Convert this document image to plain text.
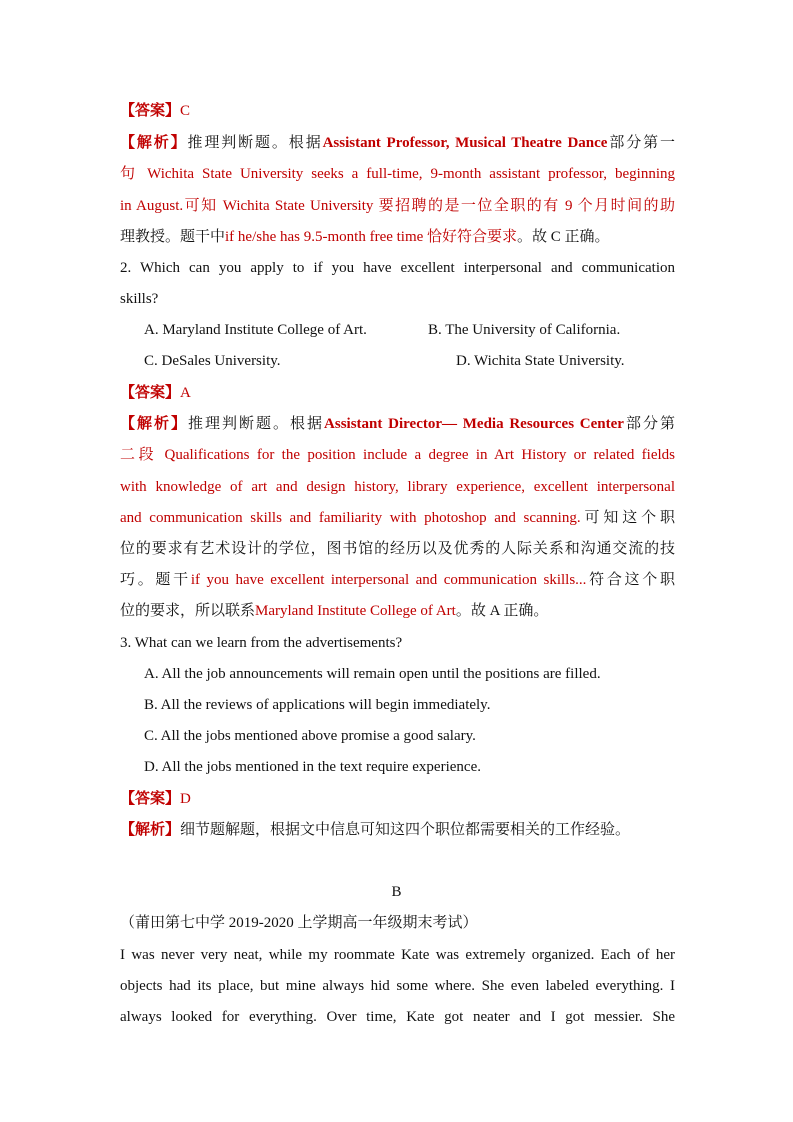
【答案】C
【解析】推理判断题。根据Assistant Professor, Musical Theatre Dance部分第一
句 Wichita State University seeks a full-time, 9-month assistant professor, beginning
in August.可知 Wichita State University 要招聘的是一位全职的有 9 个月时间的助
理教授。题干中if he/she has 9.5-month free time 恰好符合要求。故 C 正确。
2. Which can you apply to if you have excellent interpersonal and communication
skills?
A. Maryland Institute College of Art.	B. The University of California.
C. DeSales University.	D. Wichita State University.
【答案】A
【解析】推理判断题。根据Assistant Director— Media Resources Center部分第
二段 Qualifications for the position include a degree in Art History or related fields
with knowledge of art and design history, library experience, excellent interpersonal
and communication skills and familiarity with photoshop and scanning.可知这个职
位的要求有艺术设计的学位，图书馆的经历以及优秀的人际关系和沟通交流的技
巧。题干if you have excellent interpersonal and communication skills...符合这个职
位的要求，所以联系Maryland Institute College of Art。故 A 正确。
3. What can we learn from the advertisements?
A. All the job announcements will remain open until the positions are filled.
B. All the reviews of applications will begin immediately.
C. All the jobs mentioned above promise a good salary.
D. All the jobs mentioned in the text require experience.
【答案】D
【解析】细节题解题，根据文中信息可知这四个职位都需要相关的工作经验。
B
（莆田第七中学 2019-2020 上学期高一年级期末考试）
I was never very neat, while my roommate Kate was extremely organized. Each of her
objects had its place, but mine always hid some where. She even labeled everything. I
always looked for everything. Over time, Kate got neater and I got messier. She
